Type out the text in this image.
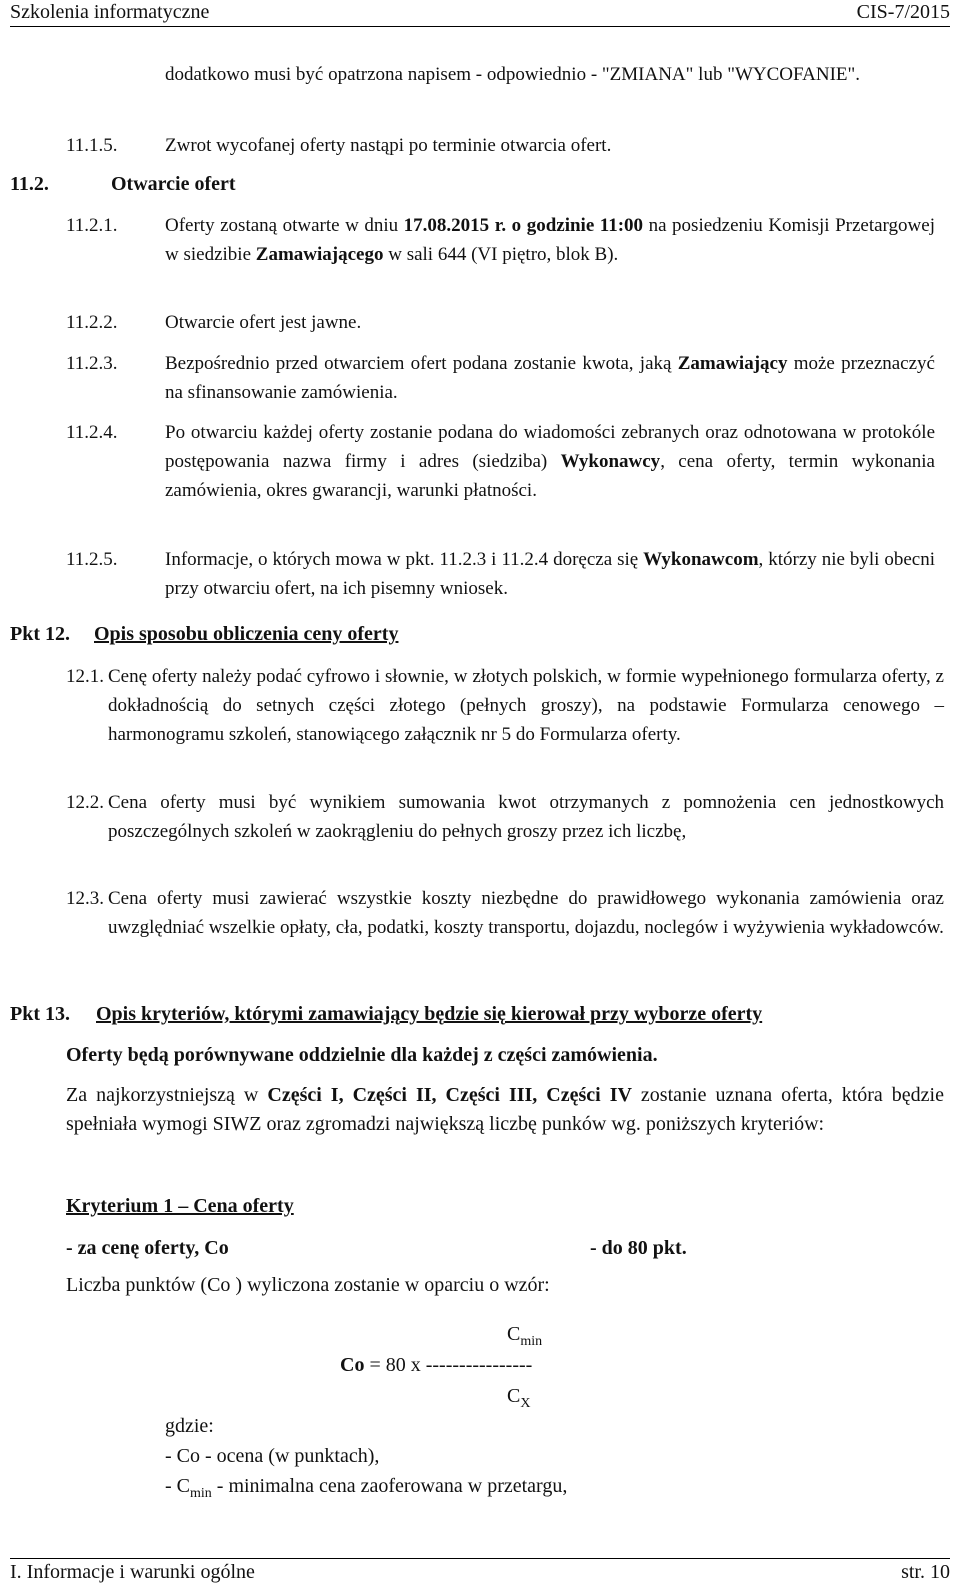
Szkolenia informatyczne	CIS-7/2015
dodatkowo musi być opatrzona napisem - odpowiednio - "ZMIANA" lub "WYCOFANIE".
11.1.5. Zwrot wycofanej oferty nastąpi po terminie otwarcia ofert.
11.2.	Otwarcie ofert
11.2.1. Oferty zostaną otwarte w dniu 17.08.2015 r. o godzinie 11:00 na posiedzeniu Komisji Przetargowej w siedzibie Zamawiającego w sali 644 (VI piętro, blok B).
11.2.2. Otwarcie ofert jest jawne.
11.2.3. Bezpośrednio przed otwarciem ofert podana zostanie kwota, jaką Zamawiający może przeznaczyć na sfinansowanie zamówienia.
11.2.4. Po otwarciu każdej oferty zostanie podana do wiadomości zebranych oraz odnotowana w protokóle postępowania nazwa firmy i adres (siedziba) Wykonawcy, cena oferty, termin wykonania zamówienia, okres gwarancji, warunki płatności.
11.2.5. Informacje, o których mowa w pkt. 11.2.3 i 11.2.4 doręcza się Wykonawcom, którzy nie byli obecni przy otwarciu ofert, na ich pisemny wniosek.
Pkt 12. Opis sposobu obliczenia ceny oferty
12.1. Cenę oferty należy podać cyfrowo i słownie, w złotych polskich, w formie wypełnionego formularza oferty, z dokładnością do setnych części złotego (pełnych groszy), na podstawie Formularza cenowego – harmonogramu szkoleń, stanowiącego załącznik nr 5 do Formularza oferty.
12.2. Cena oferty musi być wynikiem sumowania kwot otrzymanych z pomnożenia cen jednostkowych poszczególnych szkoleń w zaokrągleniu do pełnych groszy przez ich liczbę,
12.3. Cena oferty musi zawierać wszystkie koszty niezbędne do prawidłowego wykonania zamówienia oraz uwzględniać wszelkie opłaty, cła, podatki, koszty transportu, dojazdu, noclegów i wyżywienia wykładowców.
Pkt 13. Opis kryteriów, którymi zamawiający będzie się kierował przy wyborze oferty
Oferty będą porównywane oddzielnie dla każdej z części zamówienia.
Za najkorzystniejszą w Części I, Części II, Części III, Części IV zostanie uznana oferta, która będzie spełniała wymogi SIWZ oraz zgromadzi największą liczbę punków wg. poniższych kryteriów:
Kryterium 1 – Cena oferty
- za cenę oferty, Co	- do 80 pkt.
Liczba punktów (Co ) wyliczona zostanie w oparciu o wzór:
$C_{min}$
Co = 80 x ----------------
$C_X$
gdzie:
- Co - ocena (w punktach),
- $C_{min}$ - minimalna cena zaoferowana w przetargu,
I. Informacje i warunki ogólne	str. 10
